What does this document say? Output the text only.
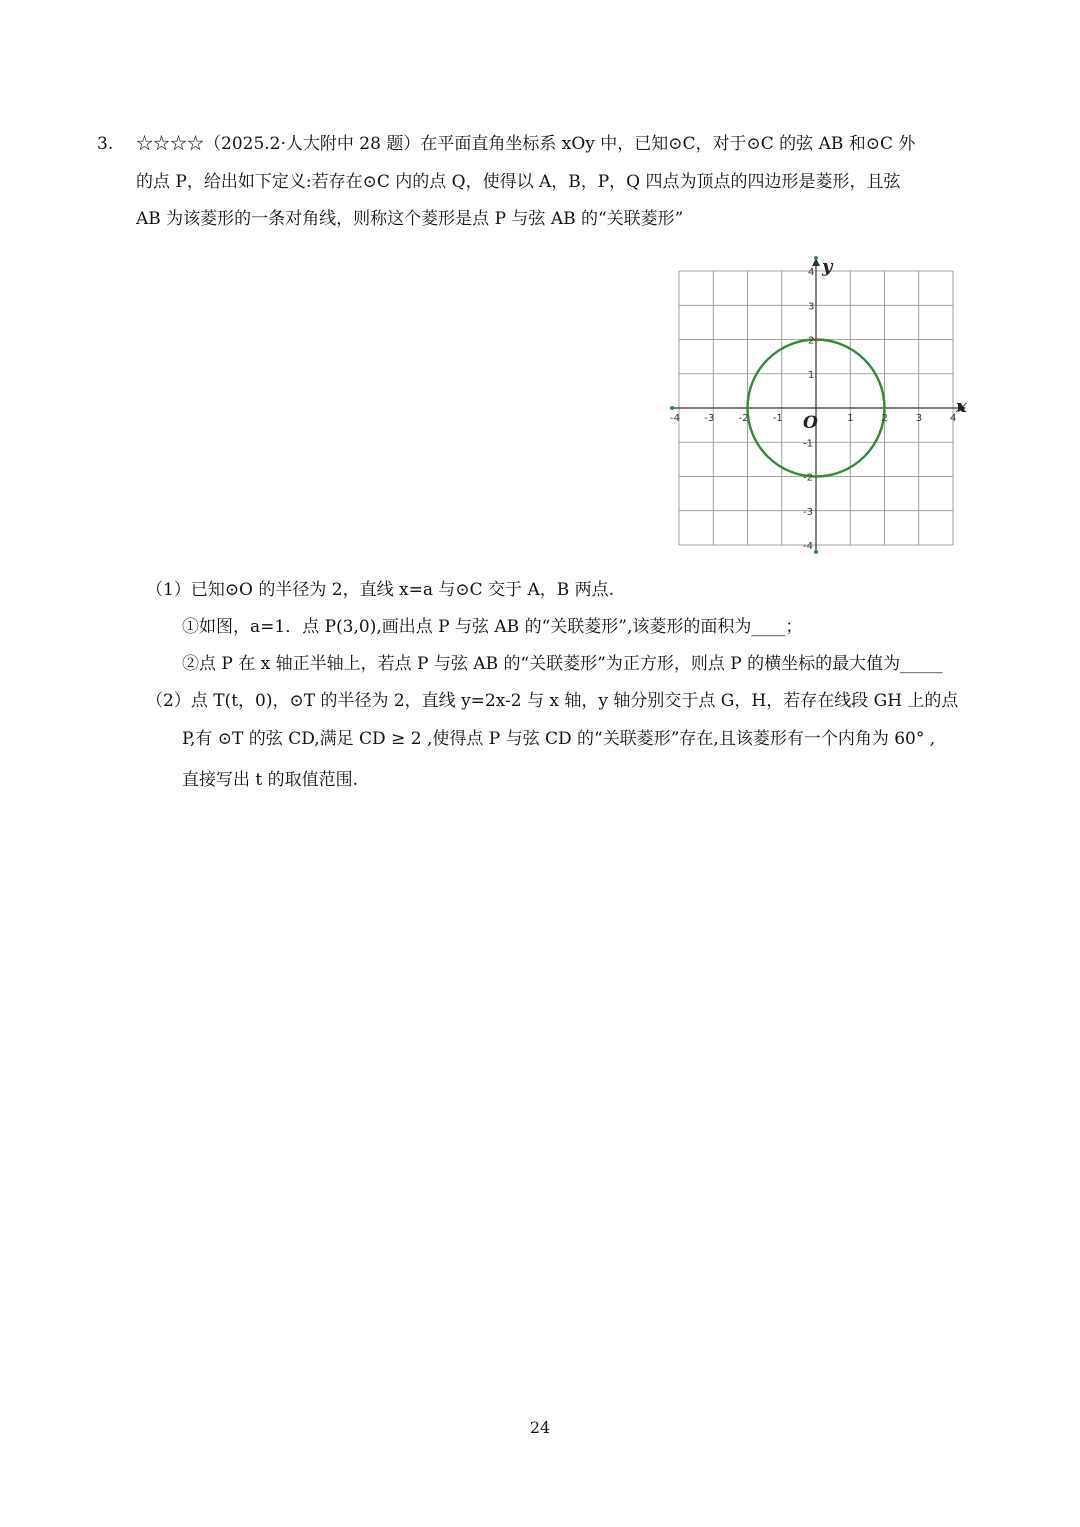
3. ☆☆☆☆（2025.2·人大附中 28 题）在平面直角坐标系 xOy 中，已知⊙C，对于⊙C 的弦 AB 和⊙C 外
的点 P，给出如下定义:若存在⊙C 内的点 Q，使得以 A，B，P，Q 四点为顶点的四边形是菱形，且弦
AB 为该菱形的一条对角线，则称这个菱形是点 P 与弦 AB 的“关联菱形”
-4 -3 -2 -1	1	2	3	4
4
3
2
1
-1
-2
-3
-4
x
y
O
（1）已知⊙O 的半径为 2，直线 x=a 与⊙C 交于 A，B 两点.
①如图，a=1．点 P(3,0),画出点 P 与弦 AB 的“关联菱形”,该菱形的面积为____；
②点 P 在 x 轴正半轴上，若点 P 与弦 AB 的“关联菱形”为正方形，则点 P 的横坐标的最大值为_____
（2）点 T(t，0)，⊙T 的半径为 2，直线 y=2x-2 与 x 轴，y 轴分别交于点 G，H，若存在线段 GH 上的点
P,有 ⊙T 的弦 CD,满足 CD ≥ 2 ,使得点 P 与弦 CD 的“关联菱形”存在,且该菱形有一个内角为 60° ,
直接写出 t 的取值范围.
24
